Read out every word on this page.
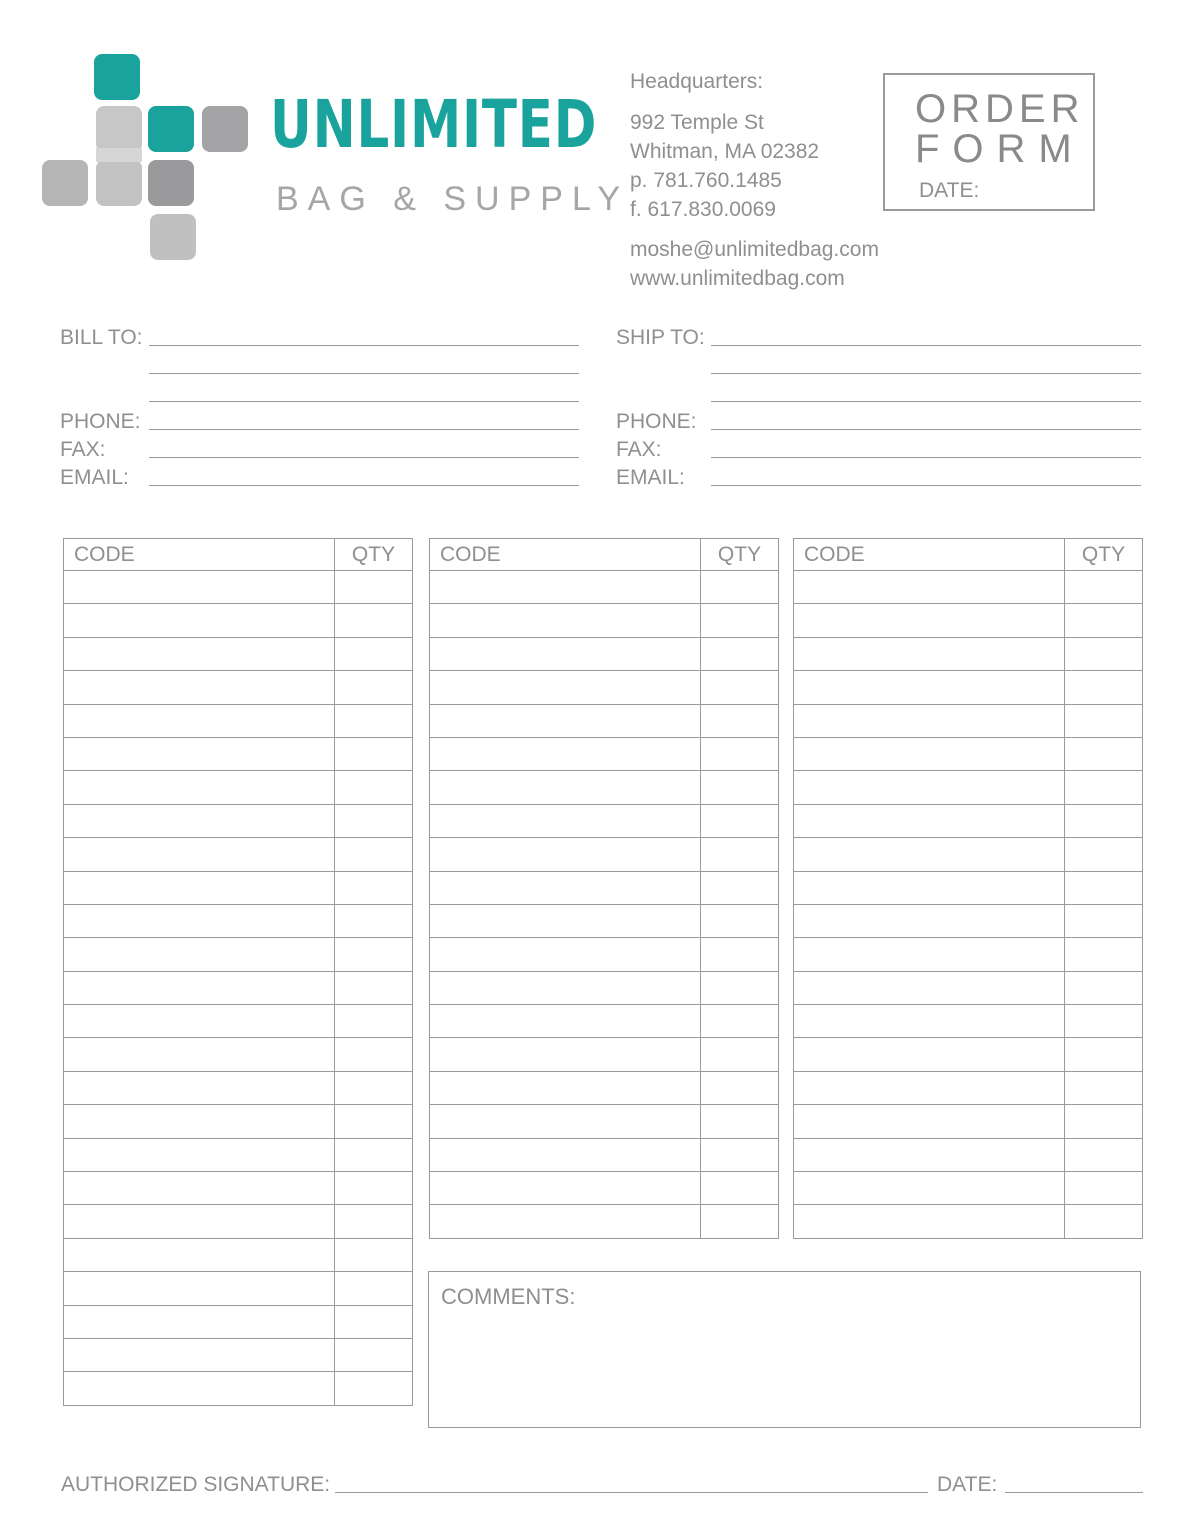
UNLIMITED
BAG & SUPPLY
Headquarters:
992 Temple St
Whitman, MA 02382
p. 781.760.1485
f. 617.830.0069
moshe@unlimitedbag.com
www.unlimitedbag.com
ORDER
FORM
DATE:
BILL TO:
PHONE:
FAX:
EMAIL:
SHIP TO:
PHONE:
FAX:
EMAIL:
CODE	QTY

	CODE	QTY

	CODE	QTY

COMMENTS:
AUTHORIZED SIGNATURE:	DATE:
